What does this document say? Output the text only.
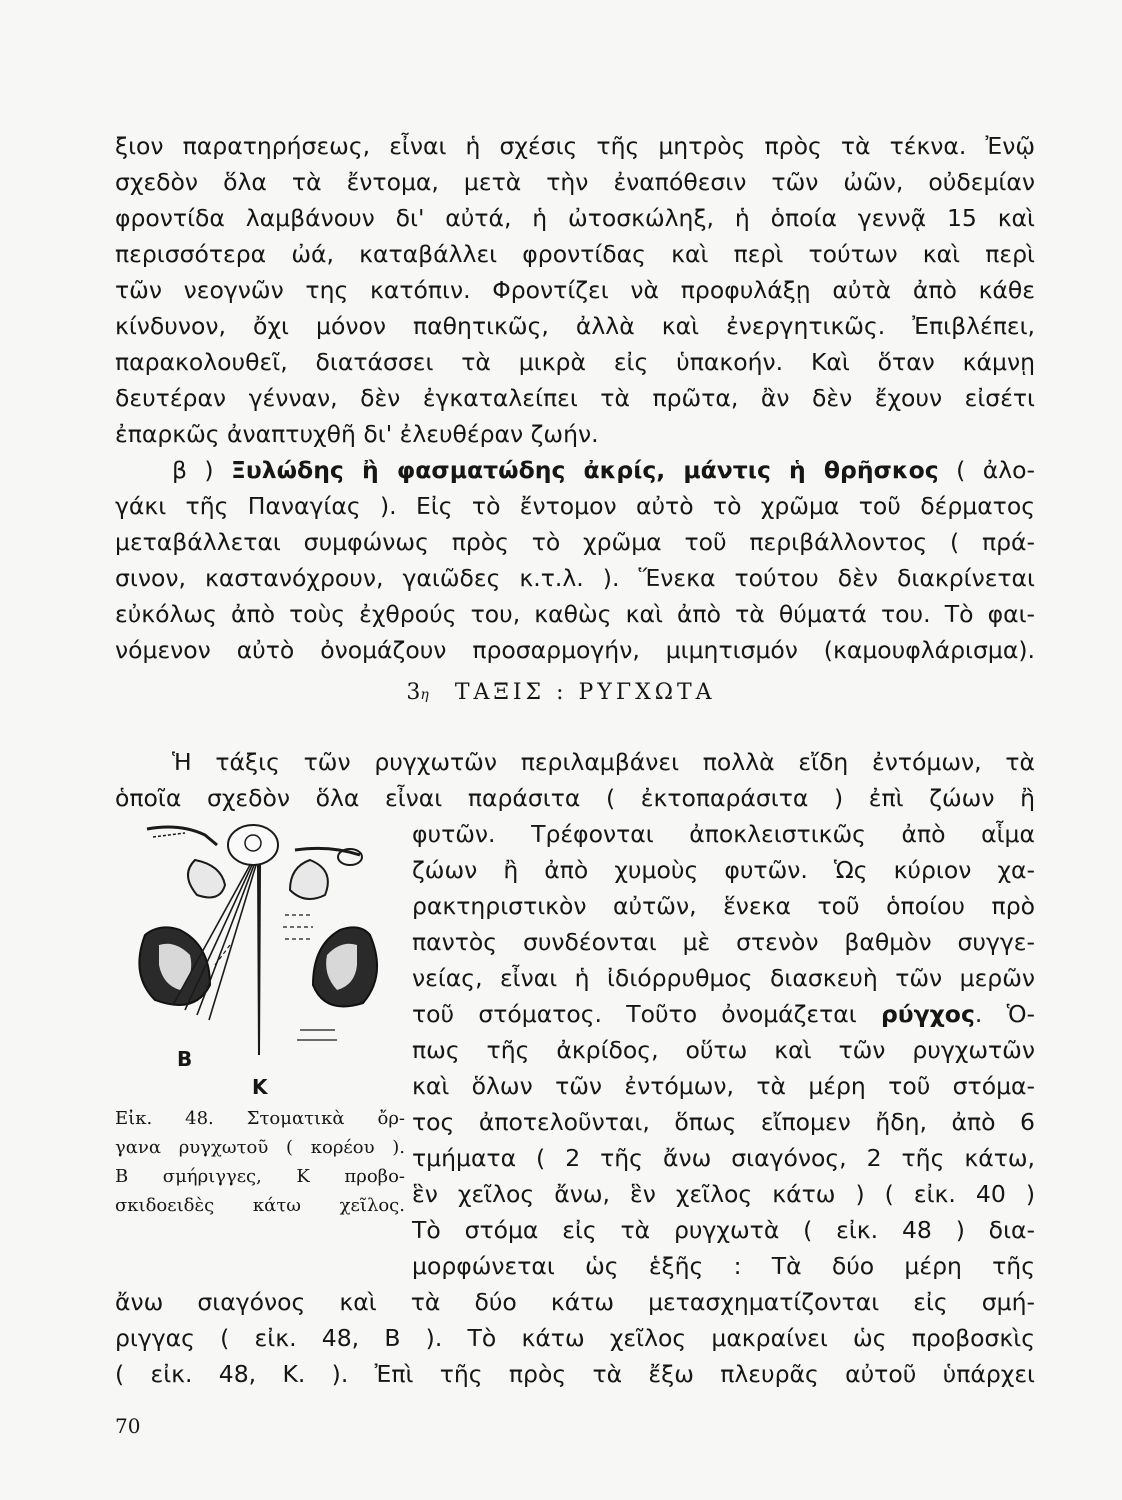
ξιον παρατηρήσεως, εἶναι ἡ σχέσις τῆς μητρὸς πρὸς τὰ τέκνα. Ἐνῷ
σχεδὸν ὅλα τὰ ἔντομα, μετὰ τὴν ἐναπόθεσιν τῶν ὠῶν, οὐδεμίαν
φροντίδα λαμβάνουν δι' αὐτά, ἡ ὠτοσκώληξ, ἡ ὁποία γεννᾷ 15 καὶ
περισσότερα ὠά, καταβάλλει φροντίδας καὶ περὶ τούτων καὶ περὶ
τῶν νεογνῶν της κατόπιν. Φροντίζει νὰ προφυλάξῃ αὐτὰ ἀπὸ κάθε
κίνδυνον, ὄχι μόνον παθητικῶς, ἀλλὰ καὶ ἐνεργητικῶς. Ἐπιβλέπει,
παρακολουθεῖ, διατάσσει τὰ μικρὰ εἰς ὑπακοήν. Καὶ ὅταν κάμνῃ
δευτέραν γένναν, δὲν ἐγκαταλείπει τὰ πρῶτα, ἂν δὲν ἔχουν εἰσέτι
ἐπαρκῶς ἀναπτυχθῆ δι' ἐλευθέραν ζωήν.
β ) Ξυλώδης ἢ φασματώδης ἀκρίς, μάντις ἡ θρῆσκος ( ἀλο-
γάκι τῆς Παναγίας ). Εἰς τὸ ἔντομον αὐτὸ τὸ χρῶμα τοῦ δέρματος
μεταβάλλεται συμφώνως πρὸς τὸ χρῶμα τοῦ περιβάλλοντος ( πρά-
σινον, καστανόχρουν, γαιῶδες κ.τ.λ. ). Ἕνεκα τούτου δὲν διακρίνεται
εὐκόλως ἀπὸ τοὺς ἐχθρούς του, καθὼς καὶ ἀπὸ τὰ θύματά του. Τὸ φαι-
νόμενον αὐτὸ ὀνομάζουν προσαρμογήν, μιμητισμόν (καμουφλάρισμα).
3η ΤΑΞΙΣ : ΡΥΓΧΩΤΑ
Ἡ τάξις τῶν ρυγχωτῶν περιλαμβάνει πολλὰ εἴδη ἐντόμων, τὰ
ὁποῖα σχεδὸν ὅλα εἶναι παράσιτα ( ἐκτοπαράσιτα ) ἐπὶ ζώων ἢ
φυτῶν. Τρέφονται ἀποκλειστικῶς ἀπὸ αἷμα
ζώων ἢ ἀπὸ χυμοὺς φυτῶν. Ὡς κύριον χα-
ρακτηριστικὸν αὐτῶν, ἕνεκα τοῦ ὁποίου πρὸ
παντὸς συνδέονται μὲ στενὸν βαθμὸν συγγε-
νείας, εἶναι ἡ ἰδιόρρυθμος διασκευὴ τῶν μερῶν
τοῦ στόματος. Τοῦτο ὀνομάζεται ρύγχος. Ὁ-
πως τῆς ἀκρίδος, οὕτω καὶ τῶν ρυγχωτῶν
καὶ ὅλων τῶν ἐντόμων, τὰ μέρη τοῦ στόμα-
τος ἀποτελοῦνται, ὅπως εἴπομεν ἤδη, ἀπὸ 6
τμήματα ( 2 τῆς ἄνω σιαγόνος, 2 τῆς κάτω,
ἓν χεῖλος ἄνω, ἓν χεῖλος κάτω ) ( εἰκ. 40 )
Τὸ στόμα εἰς τὰ ρυγχωτὰ ( εἰκ. 48 ) δια-
μορφώνεται ὡς ἑξῆς : Τὰ δύο μέρη τῆς
ἄνω σιαγόνος καὶ τὰ δύο κάτω μετασχηματίζονται εἰς σμή-
ριγγας ( εἰκ. 48, Β ). Τὸ κάτω χεῖλος μακραίνει ὡς προβοσκὶς
( εἰκ. 48, Κ. ). Ἐπὶ τῆς πρὸς τὰ ἔξω πλευρᾶς αὐτοῦ ὑπάρχει
Β
Κ
Εἰκ. 48. Στοματικὰ ὄρ-
γανα ρυγχωτοῦ ( κορέου ).
Β σμήριγγες, Κ προβο-
σκιδοειδὲς κάτω χεῖλος.
70
